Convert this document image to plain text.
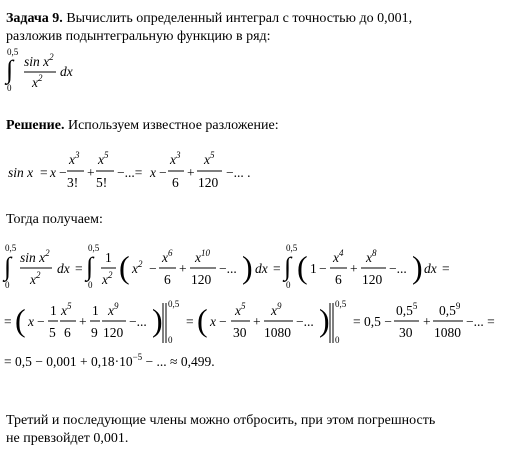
Задача 9. Вычислить определенный интеграл с точностью до 0,001,
разложив подынтегральную функцию в ряд:
∫
0,5
0
$\sin x^2$
$x^2$ dx
Решение. Используем известное разложение:
sin x = x −
$x^3$
3!
+
$x^5$
5!
−...= x −
$x^3$
6
+
$x^5$
120
−... .
sin x = x − x³/3! + x⁵/5! − ... = x − x³/6 + x⁵/120 − ... .
Тогда получаем:
∫
0,5
0
$\sin x^2$
$x^2$ dx = ∫
0,5
0
1
$x^2$ ( $x^2$ −
$x^6$
6
+
$x^{10}$
120
−... ) dx = ∫
0,5
0 ( 1 −
$x^4$
6
+
$x^8$
120
−... ) dx =
∫₀^0,5 sin x²/x² dx = ∫₀^0,5 1/x² (x² − x⁶/6 + x¹⁰/120 − ...) dx = ∫₀^0,5 (1 − x⁴/6 + x⁸/120 − ...) dx =
= ( x −
1
5
$x^5$
6
+
1
9
$x^9$
120
−... ) 0,5
0
= ( x −
$x^5$
30
+
$x^9$
1080
−... ) 0,5
0
= 0,5 −
$0,5^5$
30
+
$0,5^9$
1080
−... =
= (x − 1/5·x⁵/6 + 1/9·x⁹/120 − ...)|₀^0,5 = (x − x⁵/30 + x⁹/1080 − ...)|₀^0,5 = 0,5 − 0,5⁵/30 + 0,5⁹/1080 − ... =
= $0,5 - 0,001 + 0,18\cdot 10^{-5}$ − ... ≈ 0,499.
= 0,5 − 0,001 + 0,18·10⁻⁵ − ... ≈ 0,499.
Третий и последующие члены можно отбросить, при этом погрешность
не превзойдет 0,001.
